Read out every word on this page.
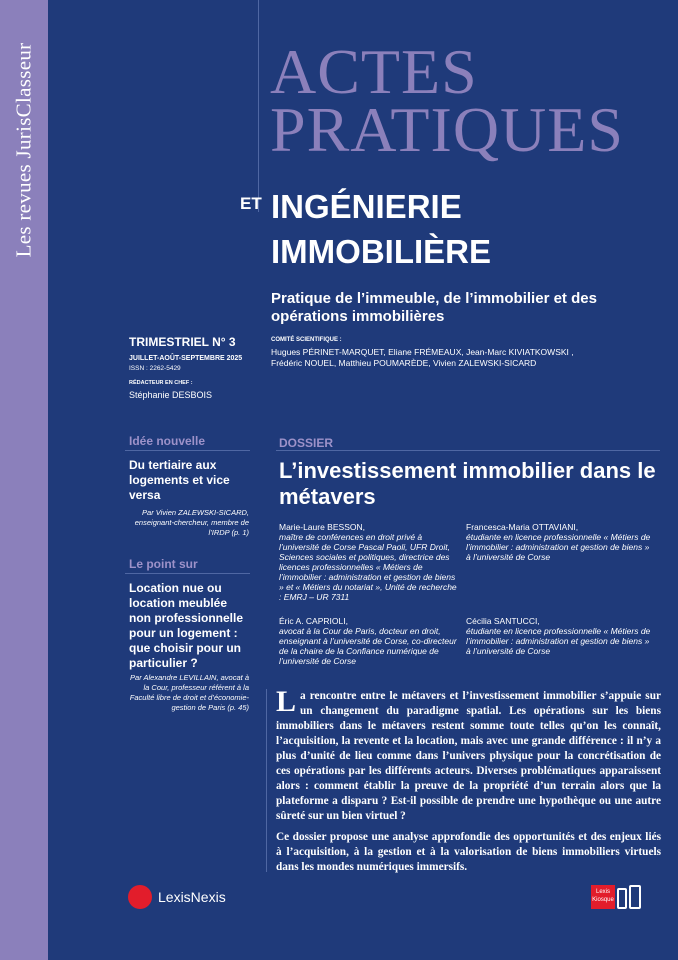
Les revues JurisClasseur	ACTES
PRATIQUES
ET INGÉNIERIE
IMMOBILIÈRE
Pratique de l’immeuble, de l’immobilier et des opérations immobilières
TRIMESTRIEL N° 3
JUILLET-AOÛT-SEPTEMBRE 2025
ISSN : 2262-5429
RÉDACTEUR EN CHEF :
Stéphanie DESBOIS
COMITÉ SCIENTIFIQUE :
Hugues PÉRINET-MARQUET, Eliane FRÉMEAUX, Jean-Marc KIVIATKOWSKI , Frédéric NOUEL, Matthieu POUMARÈDE, Vivien ZALEWSKI-SICARD
Idée nouvelle
Du tertiaire aux logements et vice versa
Par Vivien ZALEWSKI-SICARD, enseignant-chercheur, membre de l’IRDP (p. 1)
Le point sur
Location nue ou location meublée non professionnelle pour un logement : que choisir pour un particulier ?
Par Alexandre LEVILLAIN, avocat à la Cour, professeur référent à la Faculté libre de droit et d’économie-gestion de Paris (p. 45)
DOSSIER
L’investissement immobilier dans le métavers
Marie-Laure BESSON,
maître de conférences en droit privé à l’université de Corse Pascal Paoli, UFR Droit, Sciences sociales et politiques, directrice des licences professionnelles « Métiers de l’immobilier : administration et gestion de biens » et « Métiers du notariat », Unité de recherche : EMRJ – UR 7311
Francesca-Maria OTTAVIANI,
étudiante en licence professionnelle « Métiers de l’immobilier : administration et gestion de biens » à l’université de Corse
Éric A. CAPRIOLI,
avocat à la Cour de Paris, docteur en droit, enseignant à l’université de Corse, co-directeur de la chaire de la Confiance numérique de l’université de Corse
Cécilia SANTUCCI,
étudiante en licence professionnelle « Métiers de l’immobilier : administration et gestion de biens » à l’université de Corse

La rencontre entre le métavers et l’investissement immobilier s’appuie sur un changement du paradigme spatial. Les opérations sur les biens immobiliers dans le métavers restent somme toute telles qu’on les connaît, l’acquisition, la revente et la location, mais avec une grande différence : il n’y a plus d’unité de lieu comme dans l’univers physique pour la concrétisation de ces opérations par les différents acteurs. Diverses problématiques apparaissent alors : comment établir la preuve de la propriété d’un terrain alors que la plateforme a disparu ? Est-il possible de prendre une hypothèque ou une autre sûreté sur un bien virtuel ?

Ce dossier propose une analyse approfondie des opportunités et des enjeux liés à l’acquisition, à la gestion et à la valorisation de biens immobiliers virtuels dans les mondes numériques immersifs.

LexisNexis	Lexis
Kiosque
